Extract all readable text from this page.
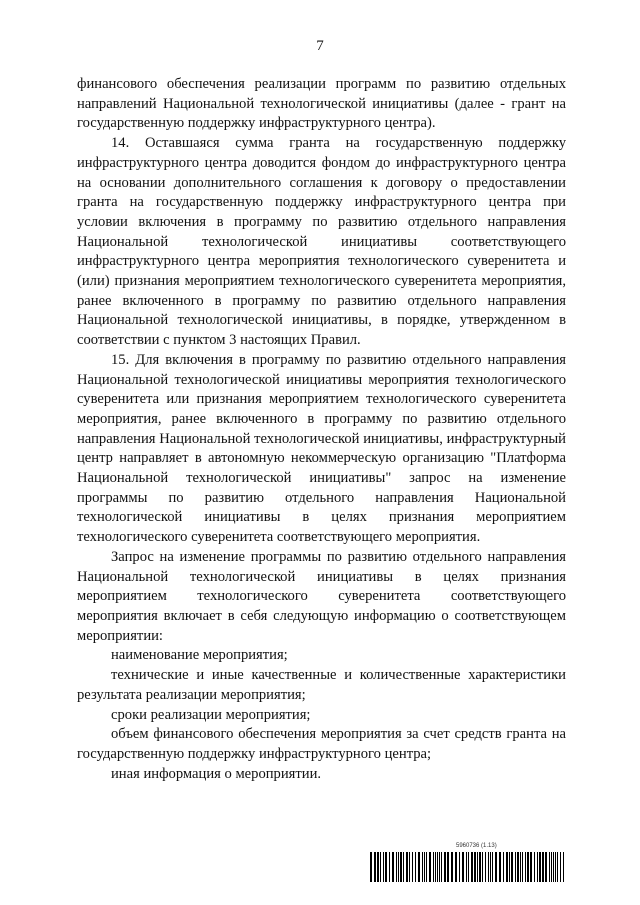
7

финансового обеспечения реализации программ по развитию отдельных направлений Национальной технологической инициативы (далее - грант на государственную поддержку инфраструктурного центра).

14. Оставшаяся сумма гранта на государственную поддержку инфраструктурного центра доводится фондом до инфраструктурного центра на основании дополнительного соглашения к договору о предоставлении гранта на государственную поддержку инфраструктурного центра при условии включения в программу по развитию отдельного направления Национальной технологической инициативы соответствующего инфраструктурного центра мероприятия технологического суверенитета и (или) признания мероприятием технологического суверенитета мероприятия, ранее включенного в программу по развитию отдельного направления Национальной технологической инициативы, в порядке, утвержденном в соответствии с пунктом 3 настоящих Правил.

15. Для включения в программу по развитию отдельного направления Национальной технологической инициативы мероприятия технологического суверенитета или признания мероприятием технологического суверенитета мероприятия, ранее включенного в программу по развитию отдельного направления Национальной технологической инициативы, инфраструктурный центр направляет в автономную некоммерческую организацию "Платформа Национальной технологической инициативы" запрос на изменение программы по развитию отдельного направления Национальной технологической инициативы в целях признания мероприятием технологического суверенитета соответствующего мероприятия.

Запрос на изменение программы по развитию отдельного направления Национальной технологической инициативы в целях признания мероприятием технологического суверенитета соответствующего мероприятия включает в себя следующую информацию о соответствующем мероприятии:

наименование мероприятия;

технические и иные качественные и количественные характеристики результата реализации мероприятия;

сроки реализации мероприятия;

объем финансового обеспечения мероприятия за счет средств гранта на государственную поддержку инфраструктурного центра;

иная информация о мероприятии.

5960736 (1.13)
